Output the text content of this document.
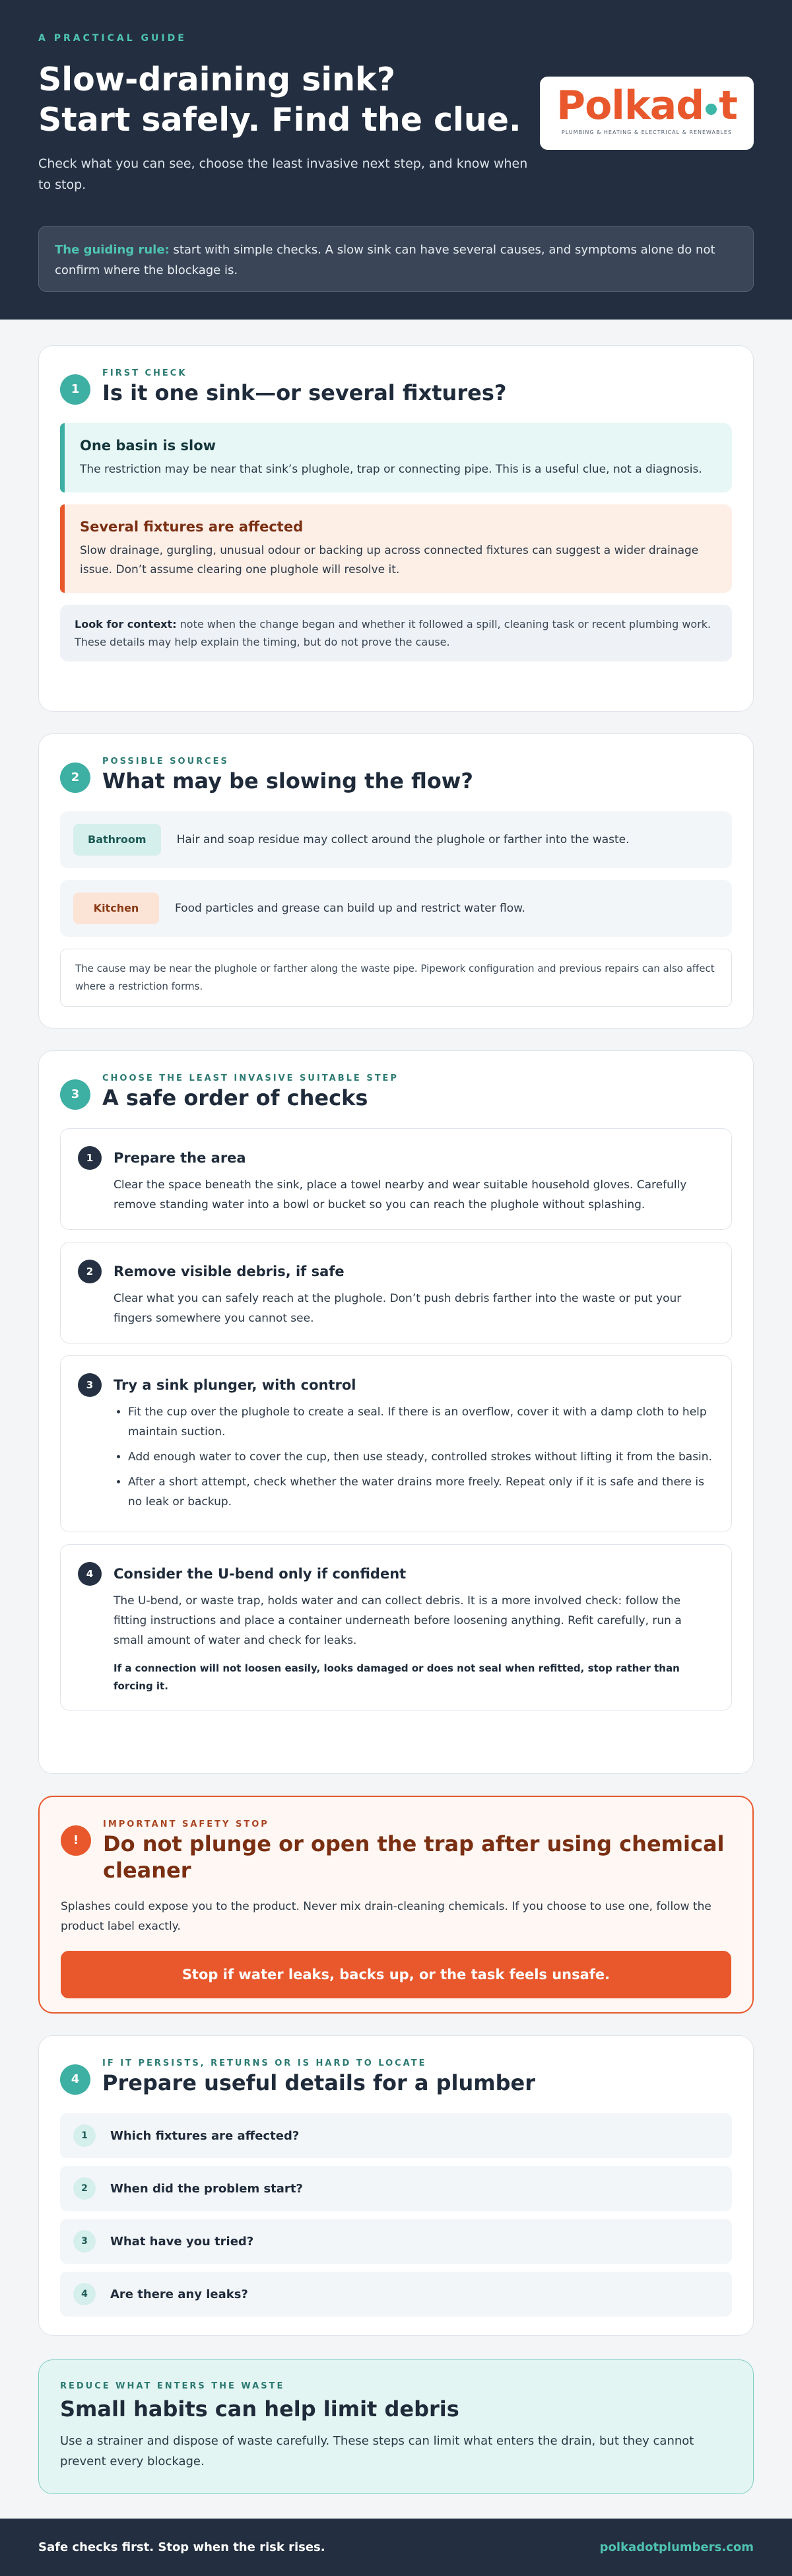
A PRACTICAL GUIDE
Slow-draining sink?
Start safely. Find the clue.

Check what you can see, choose the least invasive next step, and know when to stop.

Polkad t
PLUMBING & HEATING & ELECTRICAL & RENEWABLES
The guiding rule: start with simple checks. A slow sink can have several causes, and symptoms alone do not confirm where the blockage is.
1
FIRST CHECK
Is it one sink—or several fixtures?
One basin is slow

The restriction may be near that sink’s plughole, trap or connecting pipe. This is a useful clue, not a diagnosis.

Several fixtures are affected

Slow drainage, gurgling, unusual odour or backing up across connected fixtures can suggest a wider drainage issue. Don’t assume clearing one plughole will resolve it.

Look for context: note when the change began and whether it followed a spill, cleaning task or recent plumbing work. These details may help explain the timing, but do not prove the cause.
2
POSSIBLE SOURCES
What may be slowing the flow?
Bathroom	Hair and soap residue may collect around the plughole or farther into the waste.
Kitchen	Food particles and grease can build up and restrict water flow.
The cause may be near the plughole or farther along the waste pipe. Pipework configuration and previous repairs can also affect where a restriction forms.
3
CHOOSE THE LEAST INVASIVE SUITABLE STEP
A safe order of checks
1	Prepare the area

Clear the space beneath the sink, place a towel nearby and wear suitable household gloves. Carefully remove standing water into a bowl or bucket so you can reach the plughole without splashing.

2	Remove visible debris, if safe

Clear what you can safely reach at the plughole. Don’t push debris farther into the waste or put your fingers somewhere you cannot see.

3	Try a sink plunger, with control
• Fit the cup over the plughole to create a seal. If there is an overflow, cover it with a damp cloth to help maintain suction.
• Add enough water to cover the cup, then use steady, controlled strokes without lifting it from the basin.
• After a short attempt, check whether the water drains more freely. Repeat only if it is safe and there is no leak or backup.
4	Consider the U-bend only if confident

The U-bend, or waste trap, holds water and can collect debris. It is a more involved check: follow the fitting instructions and place a container underneath before loosening anything. Refit carefully, run a small amount of water and check for leaks.

If a connection will not loosen easily, looks damaged or does not seal when refitted, stop rather than forcing it.

!
IMPORTANT SAFETY STOP
Do not plunge or open the trap after using chemical cleaner

Splashes could expose you to the product. Never mix drain-cleaning chemicals. If you choose to use one, follow the product label exactly.

Stop if water leaks, backs up, or the task feels unsafe.
4
IF IT PERSISTS, RETURNS OR IS HARD TO LOCATE
Prepare useful details for a plumber
1	Which fixtures are affected?
2	When did the problem start?
3	What have you tried?
4	Are there any leaks?
REDUCE WHAT ENTERS THE WASTE
Small habits can help limit debris

Use a strainer and dispose of waste carefully. These steps can limit what enters the drain, but they cannot prevent every blockage.

Safe checks first. Stop when the risk rises.	polkadotplumbers.com
